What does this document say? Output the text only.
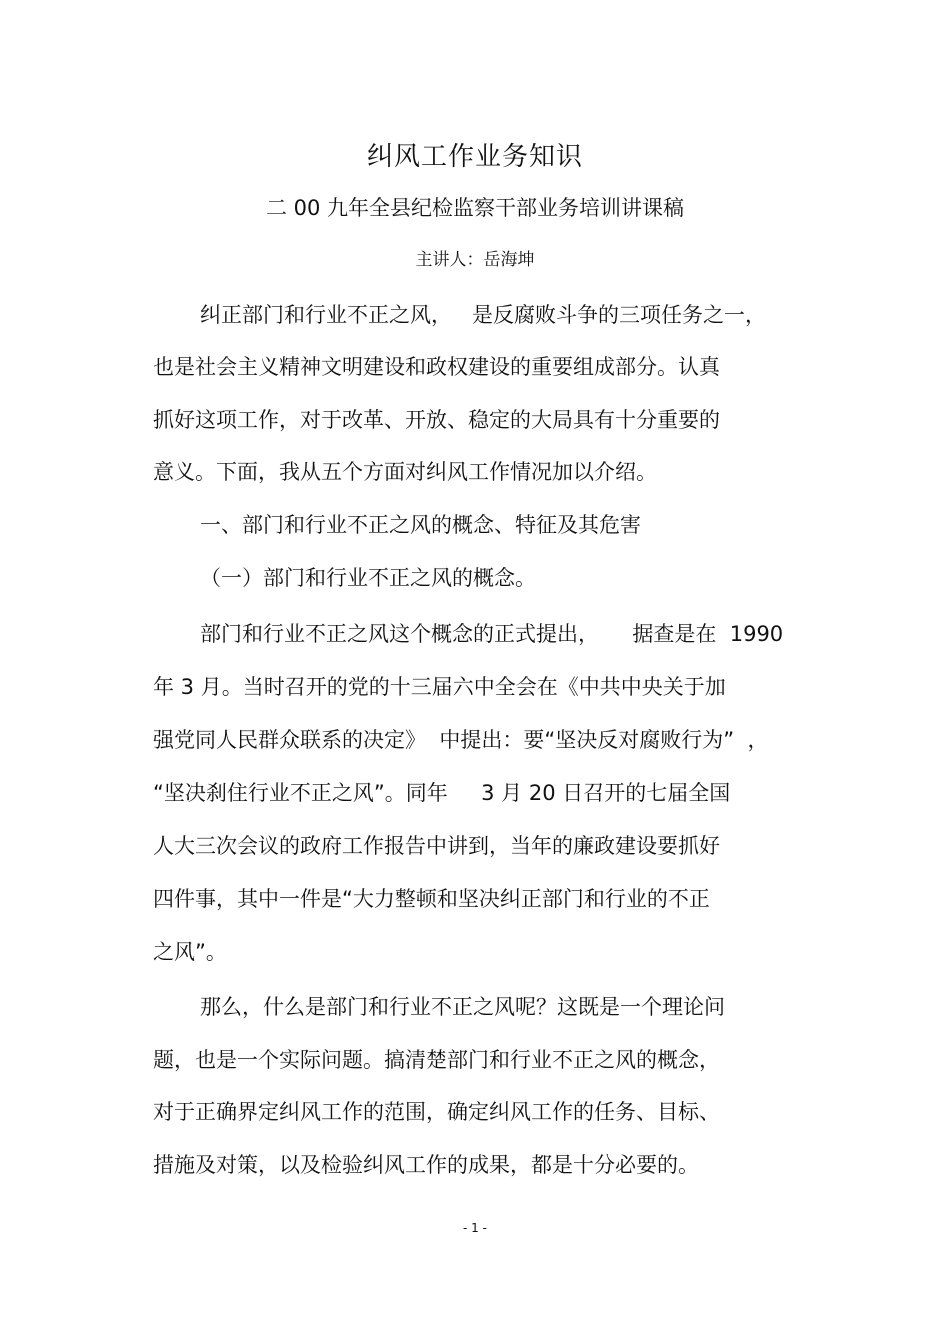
纠风工作业务知识
二 00 九年全县纪检监察干部业务培训讲课稿
主讲人：岳海坤
纠正部门和行业不正之风，   是反腐败斗争的三项任务之一，
也是社会主义精神文明建设和政权建设的重要组成部分。认真
抓好这项工作，对于改革、开放、稳定的大局具有十分重要的
意义。下面，我从五个方面对纠风工作情况加以介绍。
一、部门和行业不正之风的概念、特征及其危害
（一）部门和行业不正之风的概念。
部门和行业不正之风这个概念的正式提出，     据查是在  1990
年 3 月。当时召开的党的十三届六中全会在《中共中央关于加
强党同人民群众联系的决定》  中提出：要“坚决反对腐败行为”  ，
“坚决刹住行业不正之风”。同年     3 月 20 日召开的七届全国
人大三次会议的政府工作报告中讲到，当年的廉政建设要抓好
四件事，其中一件是“大力整顿和坚决纠正部门和行业的不正
之风”。
那么，什么是部门和行业不正之风呢？这既是一个理论问
题，也是一个实际问题。搞清楚部门和行业不正之风的概念，
对于正确界定纠风工作的范围，确定纠风工作的任务、目标、
措施及对策，以及检验纠风工作的成果，都是十分必要的。
- 1 -
